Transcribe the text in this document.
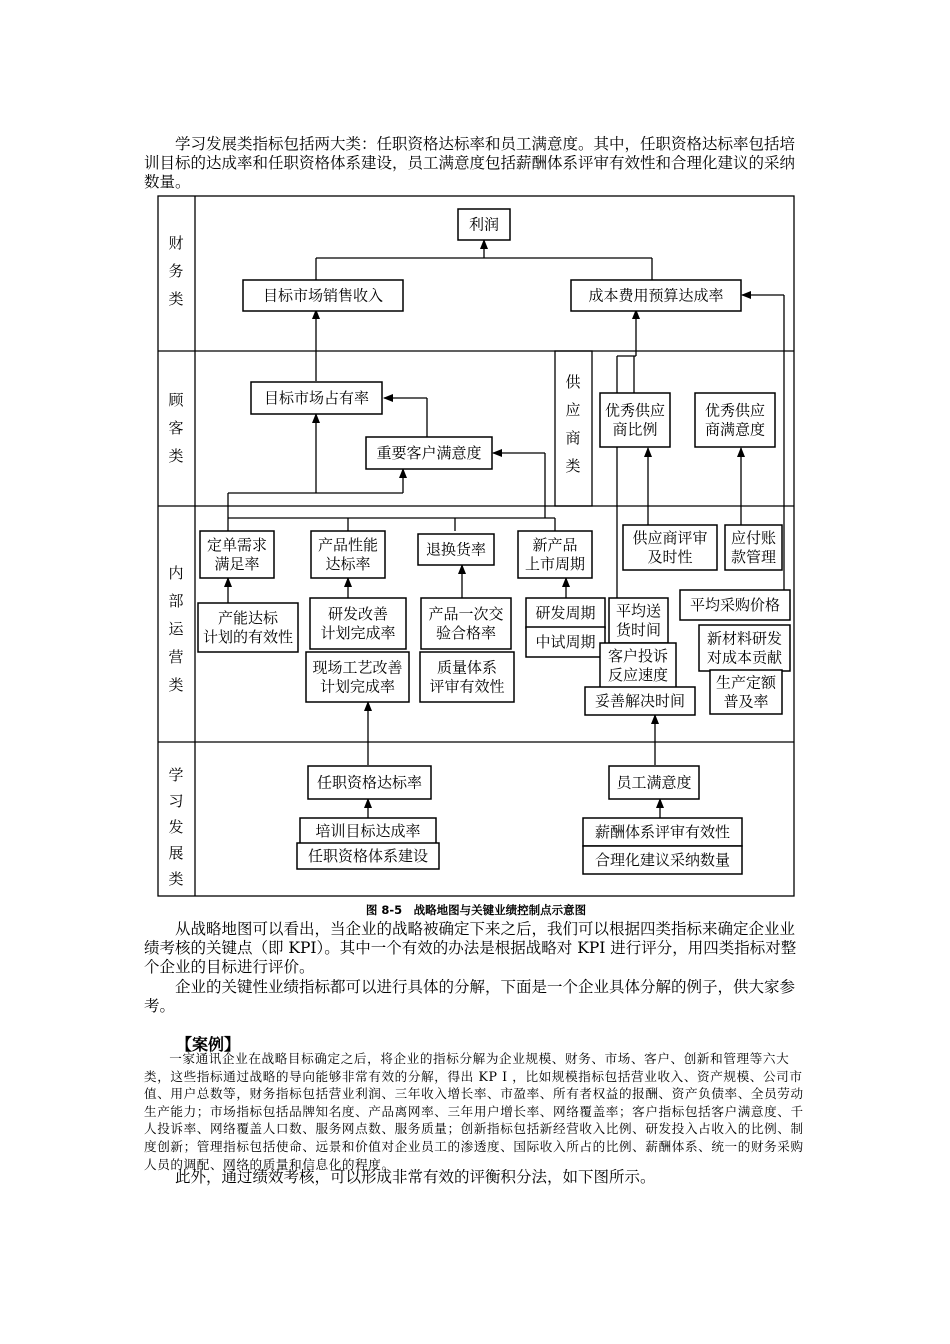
学习发展类指标包括两大类：任职资格达标率和员工满意度。其中，任职资格达标率包括培训目标的达成率和任职资格体系建设，员工满意度包括薪酬体系评审有效性和合理化建议的采纳数量。

财
务
类
顾
客
类
供
应
商
类
内
部
运
营
类
学
习
发
展
类
利润
目标市场销售收入	成本费用预算达成率
目标市场占有率
重要客户满意度
优秀供应
商比例
优秀供应
商满意度
定单需求
满足率
产品性能
达标率
退换货率	新产品
上市周期
供应商评审
及时性
应付账
款管理
产能达标
计划的有效性
研发改善
计划完成率
产品一次交
验合格率
研发周期
中试周期
平均送
货时间
平均采购价格
新材料研发
对成本贡献
现场工艺改善
计划完成率
质量体系
评审有效性
客户投诉
反应速度
妥善解决时间
生产定额
普及率
任职资格达标率	员工满意度
培训目标达成率
任职资格体系建设
薪酬体系评审有效性
合理化建议采纳数量
图 8-5　战略地图与关键业绩控制点示意图

从战略地图可以看出，当企业的战略被确定下来之后，我们可以根据四类指标来确定企业业绩考核的关键点（即 KPI）。其中一个有效的办法是根据战略对 KPI 进行评分，用四类指标对整个企业的目标进行评价。

企业的关键性业绩指标都可以进行具体的分解，下面是一个企业具体分解的例子，供大家参考。

【案例】

一家通讯企业在战略目标确定之后，将企业的指标分解为企业规模、财务、市场、客户、创新和管理等六大类，这些指标通过战略的导向能够非常有效的分解，得出 KP I ，比如规模指标包括营业收入、资产规模、公司市值、用户总数等，财务指标包括营业利润、三年收入增长率、市盈率、所有者权益的报酬、资产负债率、全员劳动生产能力；市场指标包括品牌知名度、产品离网率、三年用户增长率、网络覆盖率；客户指标包括客户满意度、千人投诉率、网络覆盖人口数、服务网点数、服务质量；创新指标包括新经营收入比例、研发投入占收入的比例、制度创新；管理指标包括使命、远景和价值对企业员工的渗透度、国际收入所占的比例、薪酬体系、统一的财务采购人员的调配、网络的质量和信息化的程度。

此外，通过绩效考核，可以形成非常有效的评衡积分法，如下图所示。
